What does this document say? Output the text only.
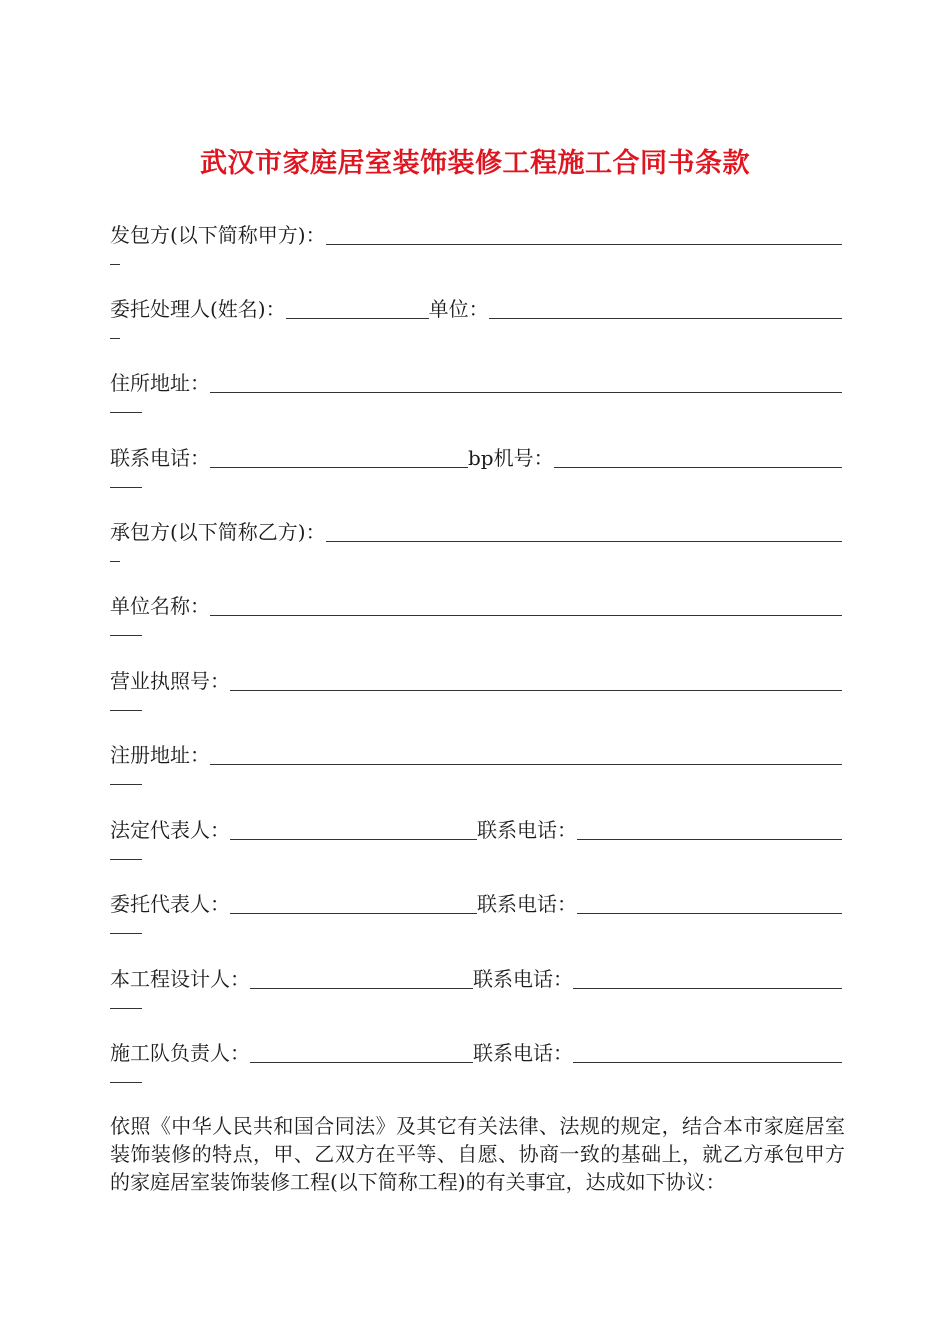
武汉市家庭居室装饰装修工程施工合同书条款
发包方(以下简称甲方)：
委托处理人(姓名)：	单位：
住所地址：
联系电话：	bp机号：
承包方(以下简称乙方)：
单位名称：
营业执照号：
注册地址：
法定代表人：	联系电话：
委托代表人：	联系电话：
本工程设计人：	联系电话：
施工队负责人：	联系电话：

依照《中华人民共和国合同法》及其它有关法律、法规的规定，结合本市家庭居室装饰装修的特点，甲、乙双方在平等、自愿、协商一致的基础上，就乙方承包甲方的家庭居室装饰装修工程(以下简称工程)的有关事宜，达成如下协议：
